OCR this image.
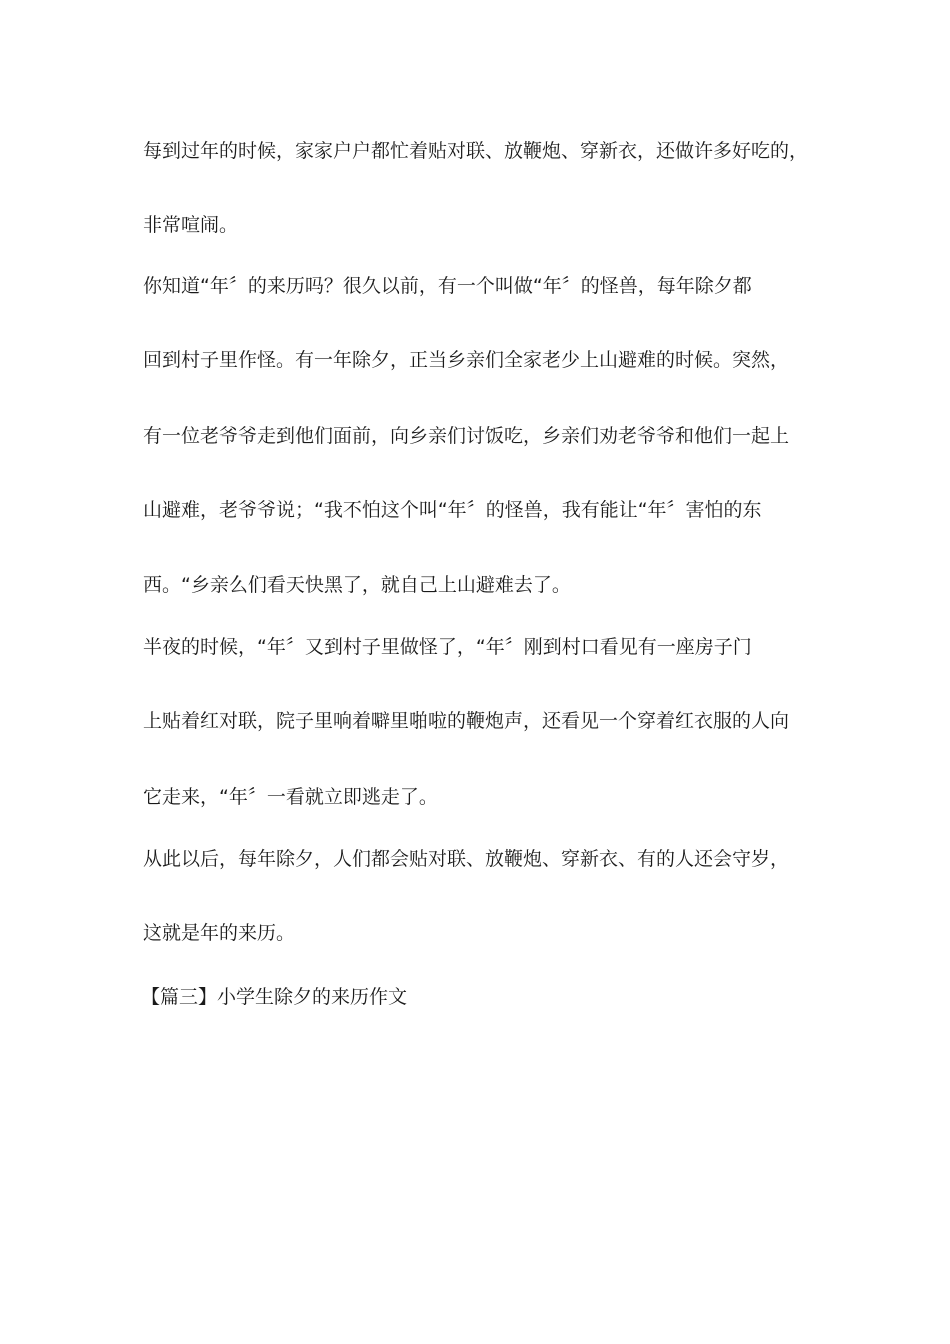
每到过年的时候，家家户户都忙着贴对联、放鞭炮、穿新衣，还做许多好吃的，
非常喧闹。
你知道“年〞的来历吗？很久以前，有一个叫做“年〞的怪兽，每年除夕都
回到村子里作怪。有一年除夕，正当乡亲们全家老少上山避难的时候。突然，
有一位老爷爷走到他们面前，向乡亲们讨饭吃，乡亲们劝老爷爷和他们一起上
山避难，老爷爷说；“我不怕这个叫“年〞的怪兽，我有能让“年〞害怕的东
西。“乡亲么们看天快黑了，就自己上山避难去了。
半夜的时候，“年〞又到村子里做怪了，“年〞刚到村口看见有一座房子门
上贴着红对联，院子里响着噼里啪啦的鞭炮声，还看见一个穿着红衣服的人向
它走来，“年〞一看就立即逃走了。
从此以后，每年除夕，人们都会贴对联、放鞭炮、穿新衣、有的人还会守岁，
这就是年的来历。
【篇三】小学生除夕的来历作文
